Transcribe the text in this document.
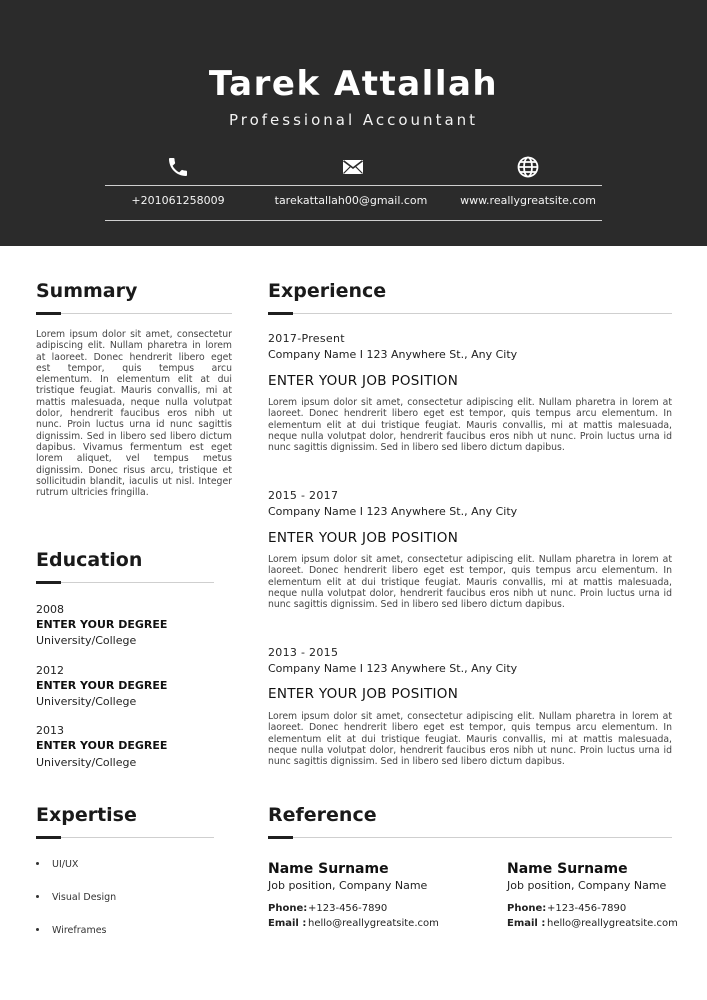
Tarek Attallah
Professional Accountant
+201061258009	tarekattallah00@gmail.com	www.reallygreatsite.com
Summary
Lorem ipsum dolor sit amet, consectetur adipiscing elit. Nullam pharetra in lorem at laoreet. Donec hendrerit libero eget est tempor, quis tempus arcu elementum. In elementum elit at dui tristique feugiat. Mauris convallis, mi at mattis malesuada, neque nulla volutpat dolor, hendrerit faucibus eros nibh ut nunc. Proin luctus urna id nunc sagittis dignissim. Sed in libero sed libero dictum dapibus. Vivamus fermentum est eget lorem aliquet, vel tempus metus dignissim. Donec risus arcu, tristique et sollicitudin blandit, iaculis ut nisl. Integer rutrum ultricies fringilla.
Education
2008
ENTER YOUR DEGREE
University/College
2012
ENTER YOUR DEGREE
University/College
2013
ENTER YOUR DEGREE
University/College
Expertise
UI/UX
Visual Design
Wireframes
Experience
2017-Present
Company Name I 123 Anywhere St., Any City
ENTER YOUR JOB POSITION
Lorem ipsum dolor sit amet, consectetur adipiscing elit. Nullam pharetra in lorem at laoreet. Donec hendrerit libero eget est tempor, quis tempus arcu elementum. In elementum elit at dui tristique feugiat. Mauris convallis, mi at mattis malesuada, neque nulla volutpat dolor, hendrerit faucibus eros nibh ut nunc. Proin luctus urna id nunc sagittis dignissim. Sed in libero sed libero dictum dapibus.
2015 - 2017
Company Name I 123 Anywhere St., Any City
ENTER YOUR JOB POSITION
Lorem ipsum dolor sit amet, consectetur adipiscing elit. Nullam pharetra in lorem at laoreet. Donec hendrerit libero eget est tempor, quis tempus arcu elementum. In elementum elit at dui tristique feugiat. Mauris convallis, mi at mattis malesuada, neque nulla volutpat dolor, hendrerit faucibus eros nibh ut nunc. Proin luctus urna id nunc sagittis dignissim. Sed in libero sed libero dictum dapibus.
2013 - 2015
Company Name I 123 Anywhere St., Any City
ENTER YOUR JOB POSITION
Lorem ipsum dolor sit amet, consectetur adipiscing elit. Nullam pharetra in lorem at laoreet. Donec hendrerit libero eget est tempor, quis tempus arcu elementum. In elementum elit at dui tristique feugiat. Mauris convallis, mi at mattis malesuada, neque nulla volutpat dolor, hendrerit faucibus eros nibh ut nunc. Proin luctus urna id nunc sagittis dignissim. Sed in libero sed libero dictum dapibus.
Reference
Name Surname
Job position, Company Name
Phone:+123-456-7890
Email : hello@reallygreatsite.com
Name Surname
Job position, Company Name
Phone:+123-456-7890
Email : hello@reallygreatsite.com
